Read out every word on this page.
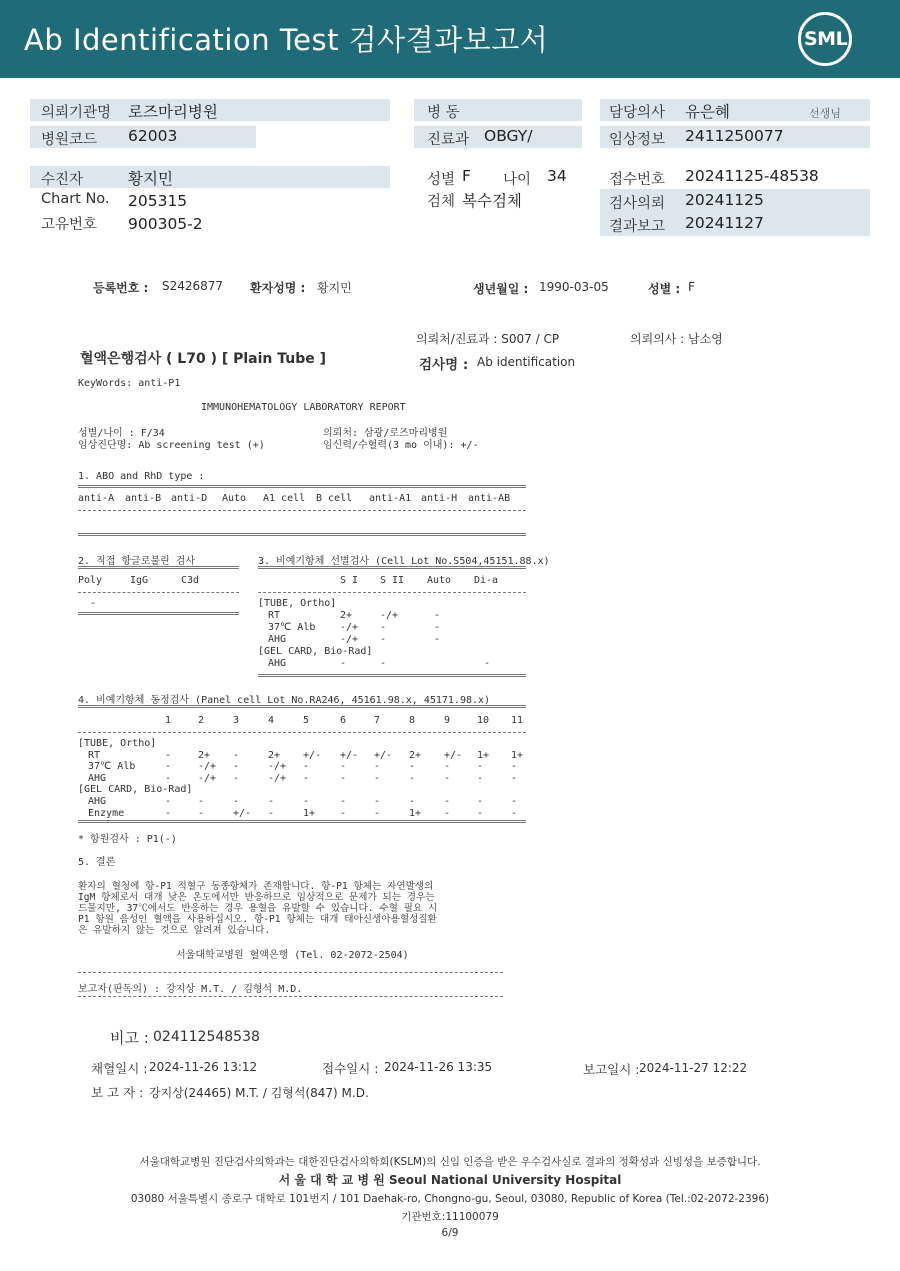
Ab Identification Test 검사결과보고서	SML
의뢰기관명 로즈마리병원
병원코드 62003
병 동
진료과 OBGY/
담당의사 유은혜	선생님
임상정보 2411250077
수진자	황지민
Chart No. 205315
고유번호 900305-2
성별 F 나이 34
검체 복수검체
접수번호 20241125-48538
검사의뢰 20241125
결과보고 20241127
등록번호 : S2426877 환자성명 : 황지민	생년월일 : 1990-03-05	성별 : F
의뢰처/진료과 : S007 / CP	의뢰의사 : 남소영
혈액은행검사 ( L70 ) [ Plain Tube ]	검사명 : Ab identification
KeyWords: anti-P1
IMMUNOHEMATOLOGY LABORATORY REPORT
성별/나이 : F/34
임상진단명: Ab screening test (+)
의뢰처: 삼광/로즈마리병원
임신력/수혈력(3 mo 이내): +/-
1. ABO and RhD type :
anti-A anti-B anti-D Auto A1 cell B cell anti-A1 anti-H anti-AB
2. 직접 항글로불린 검사
Poly	IgG	C3d
-
3. 비예기항체 선별검사 (Cell Lot No.S504,45151.88.x)
S I S II Auto Di-a
[TUBE, Ortho]
RT	2+	-/+	-
37℃ Alb -/+ -	-
AHG	-/+ -	-
[GEL CARD, Bio-Rad]
AHG	-	-	-
4. 비예기항체 동정검사 (Panel cell Lot No.RA246, 45161.98.x, 45171.98.x)
1	2	3	4	5	6	7	8	9	10 11
[TUBE, Ortho]
RT	-	2+ -	2+ +/- +/- +/- 2+ +/- 1+ 1+
37℃ Alb	-	-/+ -	-/+ -	-	-	-	-	-	-
AHG	-	-/+ -	-/+ -	-	-	-	-	-	-
[GEL CARD, Bio-Rad]
AHG	-	-	-	-	-	-	-	-	-	-	-
Enzyme	-	-	+/- -	1+ -	-	1+ -	-	-
* 항원검사 : P1(-)
5. 결론
환자의 혈청에 항-P1 적혈구 동종항체가 존재합니다. 항-P1 항체는 자연발생의
IgM 항체로서 대개 낮은 온도에서만 반응하므로 임상적으로 문제가 되는 경우는
드물지만, 37℃에서도 반응하는 경우 용혈을 유발할 수 있습니다. 수혈 필요 시
P1 항원 음성인 혈액을 사용하십시오. 항-P1 항체는 대개 태아신생아용혈성질환
은 유발하지 않는 것으로 알려져 있습니다.
서울대학교병원 혈액은행 (Tel. 02-2072-2504)
보고자(판독의) : 강지상 M.T. / 김형석 M.D.
비고 : 024112548538
채혈일시 : 2024-11-26 13:12	접수일시 : 2024-11-26 13:35	보고일시 : 2024-11-27 12:22
보 고 자 : 강지상(24465) M.T. / 김형석(847) M.D.
서울대학교병원 진단검사의학과는 대한진단검사의학회(KSLM)의 신임 인증을 받은 우수검사실로 결과의 정확성과 신빙성을 보증합니다.
서 울 대 학 교 병 원 Seoul National University Hospital
03080 서울특별시 종로구 대학로 101번지 / 101 Daehak-ro, Chongno-gu, Seoul, 03080, Republic of Korea (Tel.:02-2072-2396)
기관번호:11100079
6/9
